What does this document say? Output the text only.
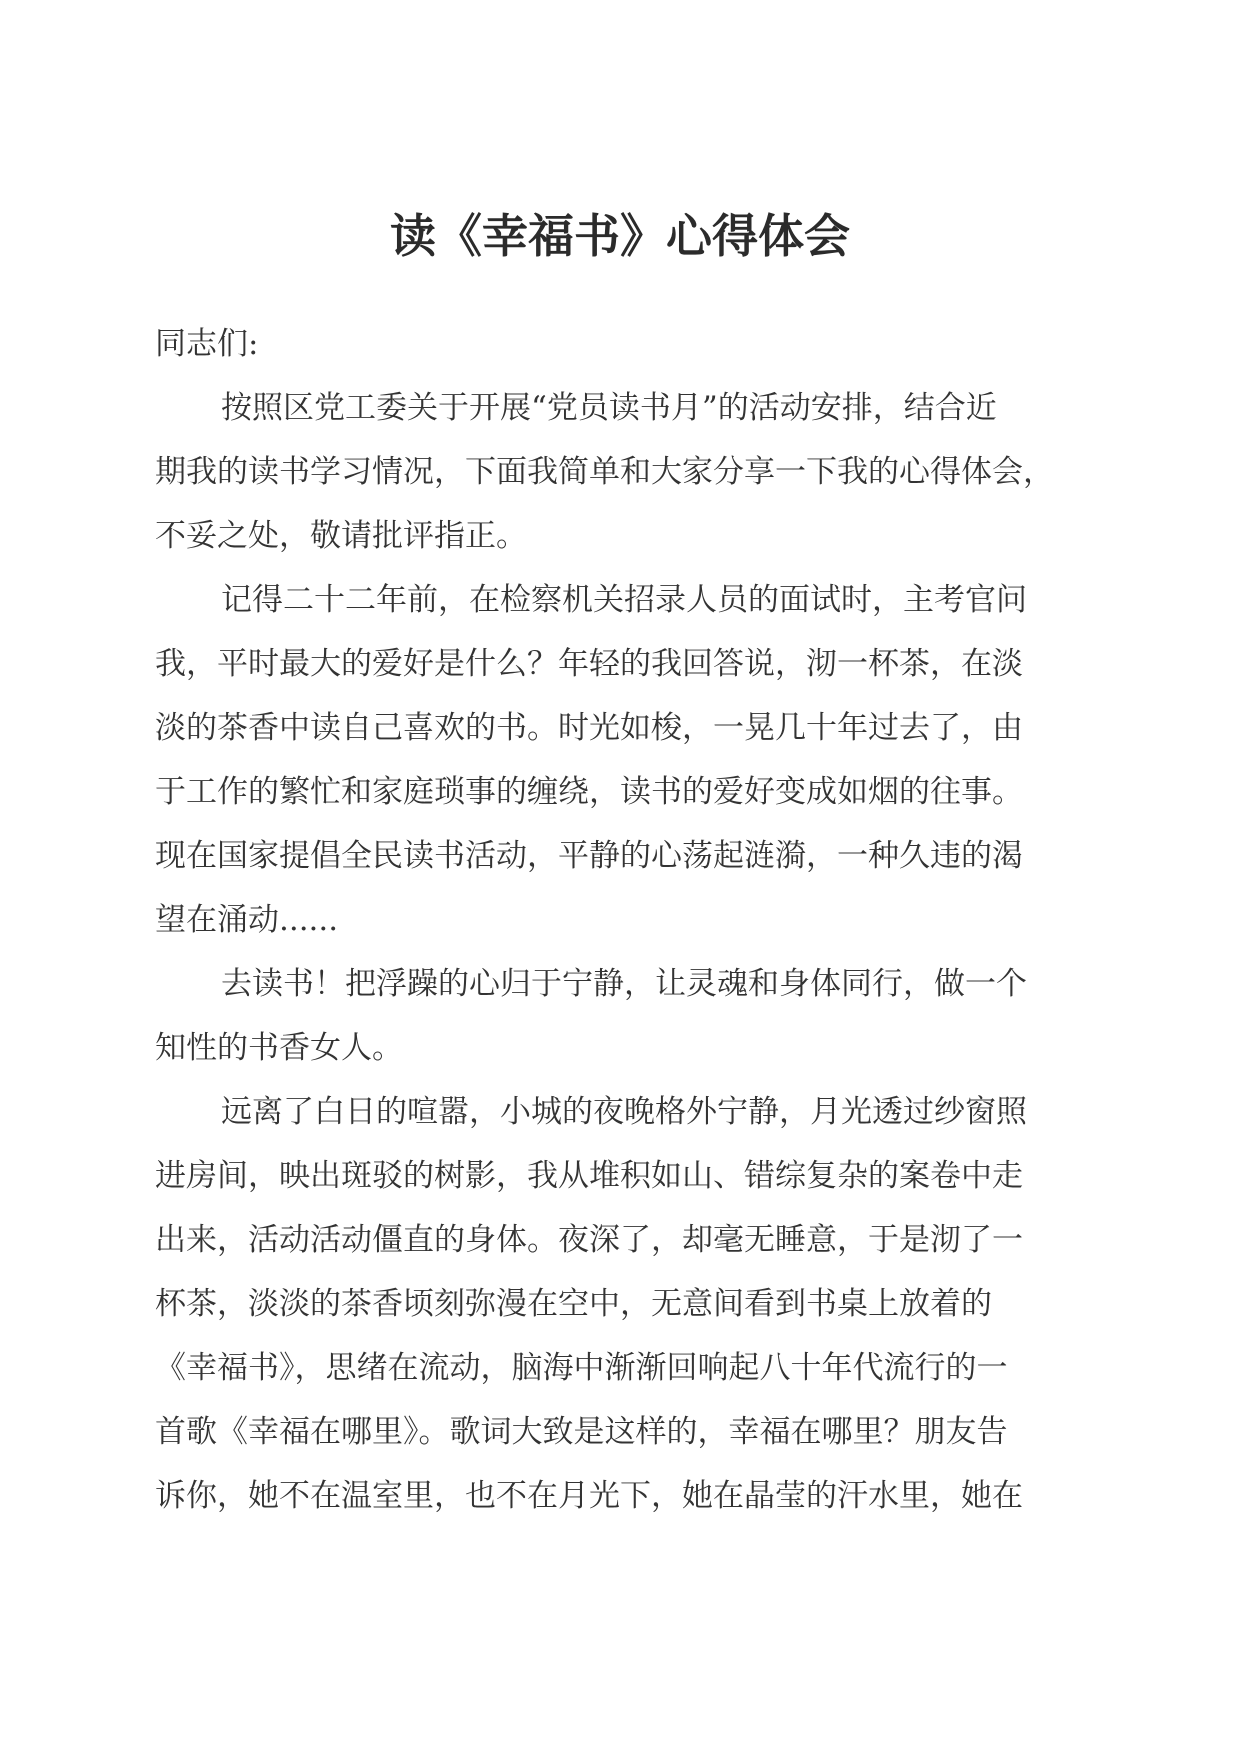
读《幸福书》心得体会
同志们:
按照区党工委关于开展“党员读书月”的活动安排，结合近
期我的读书学习情况，下面我简单和大家分享一下我的心得体会，
不妥之处，敬请批评指正。
记得二十二年前，在检察机关招录人员的面试时，主考官问
我，平时最大的爱好是什么？年轻的我回答说，沏一杯茶，在淡
淡的茶香中读自己喜欢的书。时光如梭，一晃几十年过去了，由
于工作的繁忙和家庭琐事的缠绕，读书的爱好变成如烟的往事。
现在国家提倡全民读书活动，平静的心荡起涟漪，一种久违的渴
望在涌动......
去读书！把浮躁的心归于宁静，让灵魂和身体同行，做一个
知性的书香女人。
远离了白日的喧嚣，小城的夜晚格外宁静，月光透过纱窗照
进房间，映出斑驳的树影，我从堆积如山、错综复杂的案卷中走
出来，活动活动僵直的身体。夜深了，却毫无睡意，于是沏了一
杯茶，淡淡的茶香顷刻弥漫在空中，无意间看到书桌上放着的
《幸福书》，思绪在流动，脑海中渐渐回响起八十年代流行的一
首歌《幸福在哪里》。歌词大致是这样的，幸福在哪里？朋友告
诉你，她不在温室里，也不在月光下，她在晶莹的汗水里，她在
